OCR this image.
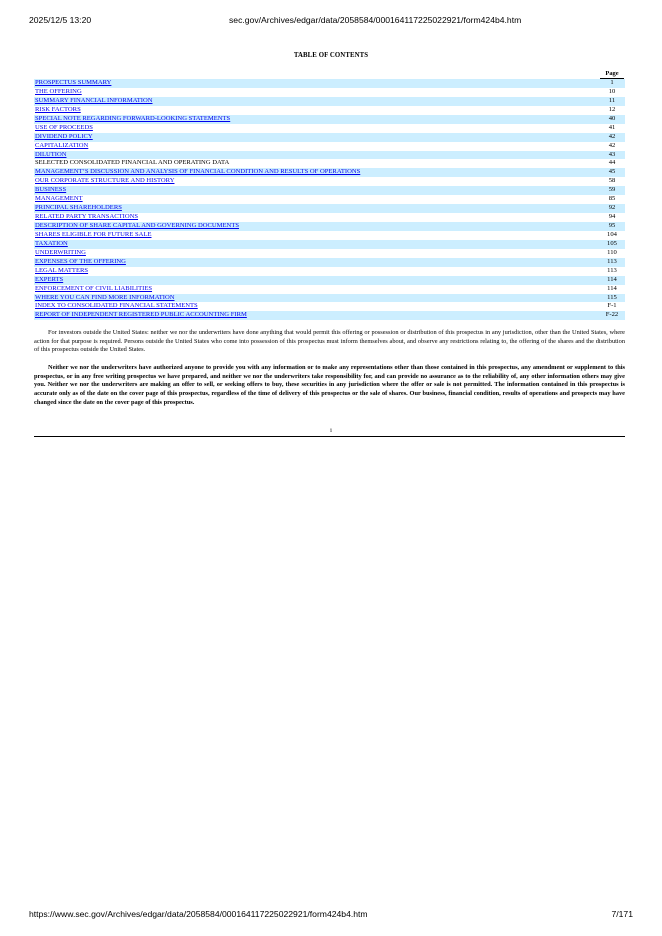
2025/12/5 13:20	sec.gov/Archives/edgar/data/2058584/000164117225022921/form424b4.htm
TABLE OF CONTENTS
Page
PROSPECTUS SUMMARY	1
THE OFFERING	10
SUMMARY FINANCIAL INFORMATION	11
RISK FACTORS	12
SPECIAL NOTE REGARDING FORWARD-LOOKING STATEMENTS	40
USE OF PROCEEDS	41
DIVIDEND POLICY	42
CAPITALIZATION	42
DILUTION	43
SELECTED CONSOLIDATED FINANCIAL AND OPERATING DATA	44
MANAGEMENT’S DISCUSSION AND ANALYSIS OF FINANCIAL CONDITION AND RESULTS OF OPERATIONS	45
OUR CORPORATE STRUCTURE AND HISTORY	58
BUSINESS	59
MANAGEMENT	85
PRINCIPAL SHAREHOLDERS	92
RELATED PARTY TRANSACTIONS	94
DESCRIPTION OF SHARE CAPITAL AND GOVERNING DOCUMENTS	95
SHARES ELIGIBLE FOR FUTURE SALE	104
TAXATION	105
UNDERWRITING	110
EXPENSES OF THE OFFERING	113
LEGAL MATTERS	113
EXPERTS	114
ENFORCEMENT OF CIVIL LIABILITIES	114
WHERE YOU CAN FIND MORE INFORMATION	115
INDEX TO CONSOLIDATED FINANCIAL STATEMENTS	F-1
REPORT OF INDEPENDENT REGISTERED PUBLIC ACCOUNTING FIRM	F-22
For investors outside the United States: neither we nor the underwriters have done anything that would permit this offering or possession or distribution of this prospectus in any jurisdiction, other than the United States, where action for that purpose is required. Persons outside the United States who come into possession of this prospectus must inform themselves about, and observe any restrictions relating to, the offering of the shares and the distribution of this prospectus outside the United States.
Neither we nor the underwriters have authorized anyone to provide you with any information or to make any representations other than those contained in this prospectus, any amendment or supplement to this prospectus, or in any free writing prospectus we have prepared, and neither we nor the underwriters take responsibility for, and can provide no assurance as to the reliability of, any other information others may give you. Neither we nor the underwriters are making an offer to sell, or seeking offers to buy, these securities in any jurisdiction where the offer or sale is not permitted. The information contained in this prospectus is accurate only as of the date on the cover page of this prospectus, regardless of the time of delivery of this prospectus or the sale of shares. Our business, financial condition, results of operations and prospects may have changed since the date on the cover page of this prospectus.
i
https://www.sec.gov/Archives/edgar/data/2058584/000164117225022921/form424b4.htm	7/171
